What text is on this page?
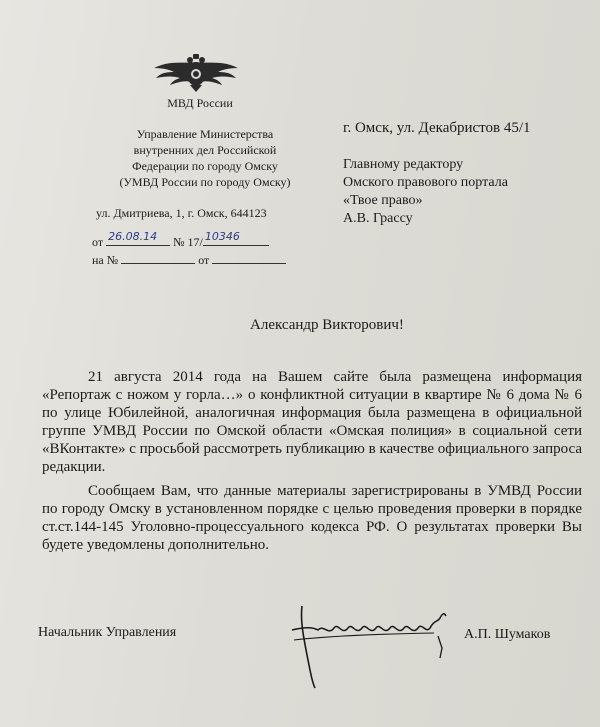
МВД России
Управление Министерства
внутренних дел Российской
Федерации по городу Омску
(УМВД России по городу Омску)
ул. Дмитриева, 1, г. Омск, 644123
от 26.08.14 № 17/ 10346
на №	от
г. Омск, ул. Декабристов 45/1
Главному редактору
Омского правового портала
«Твое право»
А.В. Грассу
Александр Викторович!
21 августа 2014 года на Вашем сайте была размещена информация «Репортаж с ножом у горла…» о конфликтной ситуации в квартире № 6 дома № 6 по улице Юбилейной, аналогичная информация была размещена в официальной группе УМВД России по Омской области «Омская полиция» в социальной сети «ВКонтакте» с просьбой рассмотреть публикацию в качестве официального запроса редакции.
Сообщаем Вам, что данные материалы зарегистрированы в УМВД России по городу Омску в установленном порядке с целью проведения проверки в порядке ст.ст.144-145 Уголовно-процессуального кодекса РФ. О результатах проверки Вы будете уведомлены дополнительно.
Начальник Управления	А.П. Шумаков
